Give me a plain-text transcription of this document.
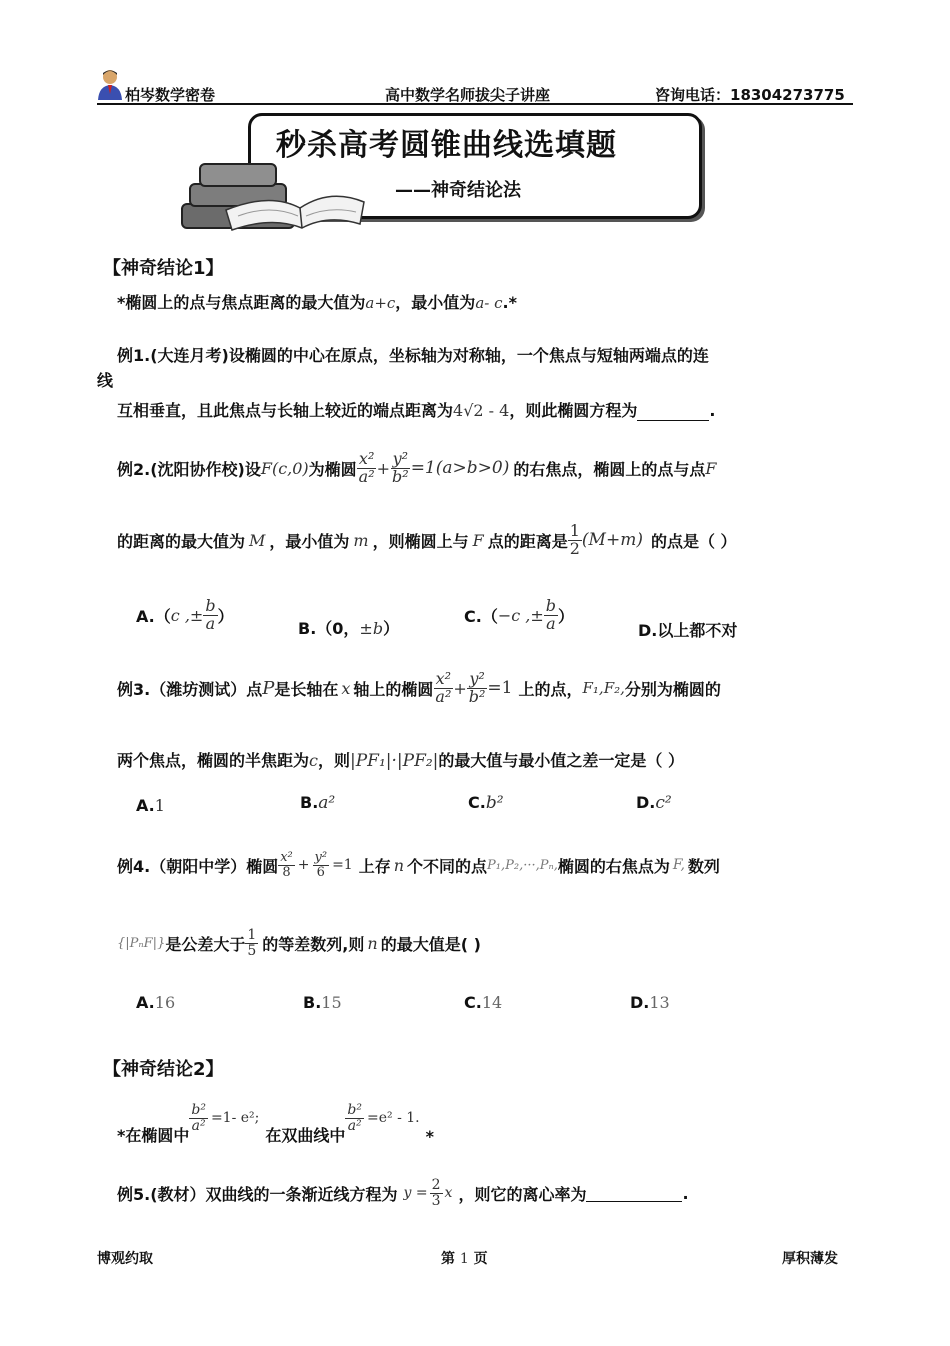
柏岑数学密卷	高中数学名师拔尖子讲座	咨询电话：18304273775
秒杀高考圆锥曲线选填题
——神奇结论法
【神奇结论1】
*椭圆上的点与焦点距离的最大值为a+c，最小值为a- c.*
例1.(大连月考)设椭圆的中心在原点，坐标轴为对称轴，一个焦点与短轴两端点的连
线
互相垂直，且此焦点与长轴上较近的端点距离为4√2 - 4，则此椭圆方程为	.
例2.(沈阳协作校)设 F(c,0) 为椭圆 $\frac{\text{x²}}{\text{a²}} + \frac{\text{y²}}{\text{b²}} =1(a>b>0)$ 的右焦点，椭圆上的点与点 F
的距离的最大值为 M ，最小值为 m ，则椭圆上与 F 点的距离是 $\frac{1}{2} (M+m)$ 的点是（ ）
A.（ c ,± $\frac{b}{a}$ ）
B.（0，±b）
C.（ −c ,± $\frac{b}{a}$ ）
D.以上都不对
例3.（潍坊测试）点 P 是长轴在 x 轴上的椭圆 $\frac{\text{x²}}{\text{a²}} + \frac{\text{y²}}{\text{b²}} =1$ 上的点， F₁,F₂, 分别为椭圆的
两个焦点，椭圆的半焦距为c，则|PF₁|·|PF₂|的最大值与最小值之差一定是（ ）
A.1	B.a²	C.b²	D.c²
例4.（朝阳中学）椭圆 $\frac{\text{x²}}{8} + \frac{\text{y²}}{6} =1$ 上存 n 个不同的点 P₁,P₂,···,Pₙ, 椭圆的右焦点为 F, 数列
{|PₙF|} 是公差大于 $\frac{1}{5}$ 的等差数列,则 n 的最大值是( )
A.16	B.15	C.14	D.13
【神奇结论2】
*在椭圆中
$\frac{\text{b²}}{\text{a²}} =1-$ e²;
在双曲线中
$\frac{\text{b²}}{\text{a²}} =e^2 - 1$.
*
例5.(教材）双曲线的一条渐近线方程为 $y = \frac{2}{3}$ x ，则它的离心率为	.
博观约取	第 1 页	厚积薄发
